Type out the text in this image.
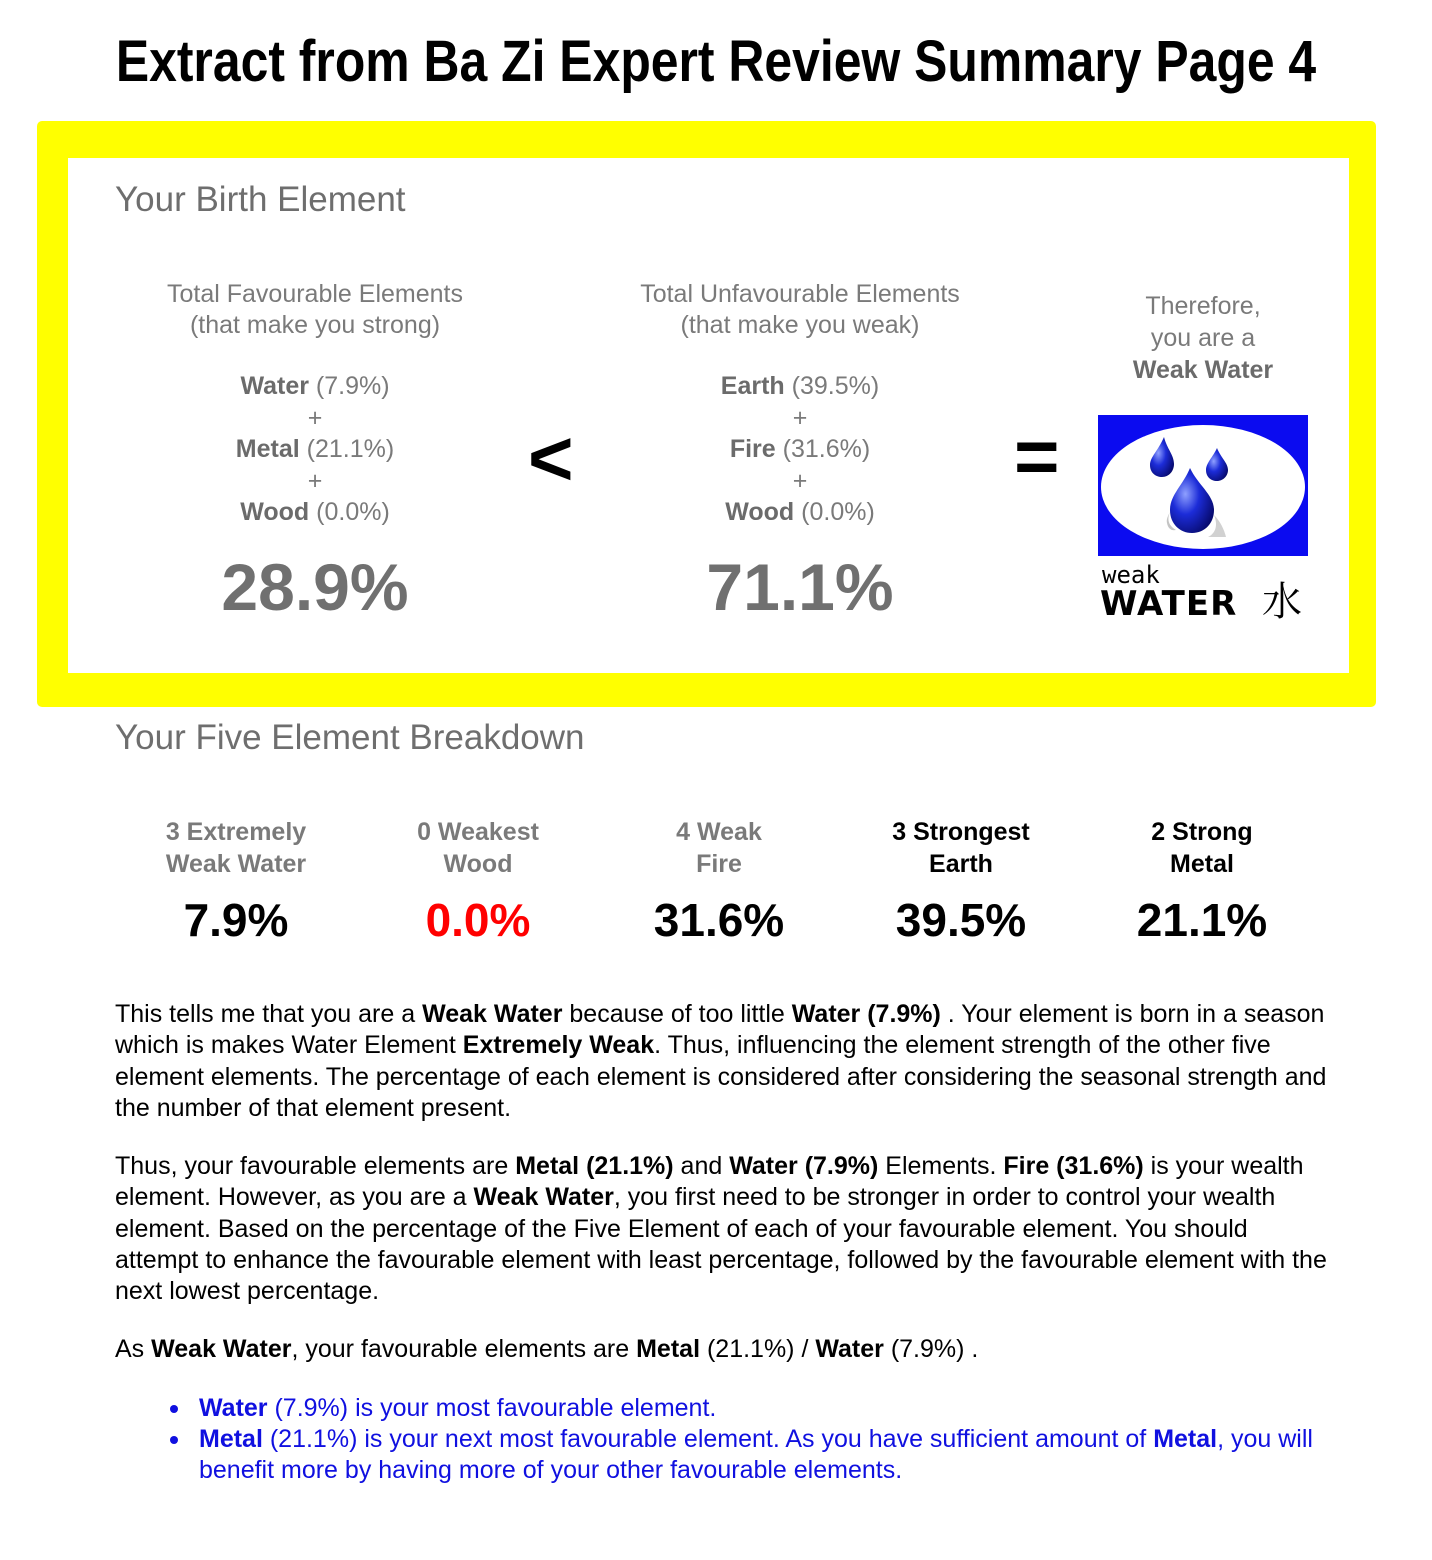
Extract from Ba Zi Expert Review Summary Page 4
Your Birth Element
Total Favourable Elements
(that make you strong)
Water (7.9%)
+
Metal (21.1%)
+
Wood (0.0%)
28.9%
<
Total Unfavourable Elements
(that make you weak)
Earth (39.5%)
+
Fire (31.6%)
+
Wood (0.0%)
71.1%
=
Therefore,
you are a
Weak Water
weak
WATER 水
Your Five Element Breakdown
3 Extremely
Weak Water
7.9%
0 Weakest
Wood
0.0%
4 Weak
Fire
31.6%
3 Strongest
Earth
39.5%
2 Strong
Metal
21.1%
This tells me that you are a Weak Water because of too little Water (7.9%) . Your element is born in a season which is makes Water Element Extremely Weak. Thus, influencing the element strength of the other five element elements. The percentage of each element is considered after considering the seasonal strength and the number of that element present.
Thus, your favourable elements are Metal (21.1%) and Water (7.9%) Elements. Fire (31.6%) is your wealth element. However, as you are a Weak Water, you first need to be stronger in order to control your wealth element. Based on the percentage of the Five Element of each of your favourable element. You should attempt to enhance the favourable element with least percentage, followed by the favourable element with the next lowest percentage.
As Weak Water, your favourable elements are Metal (21.1%) / Water (7.9%) .
Water (7.9%) is your most favourable element.
Metal (21.1%) is your next most favourable element. As you have sufficient amount of Metal, you will benefit more by having more of your other favourable elements.
